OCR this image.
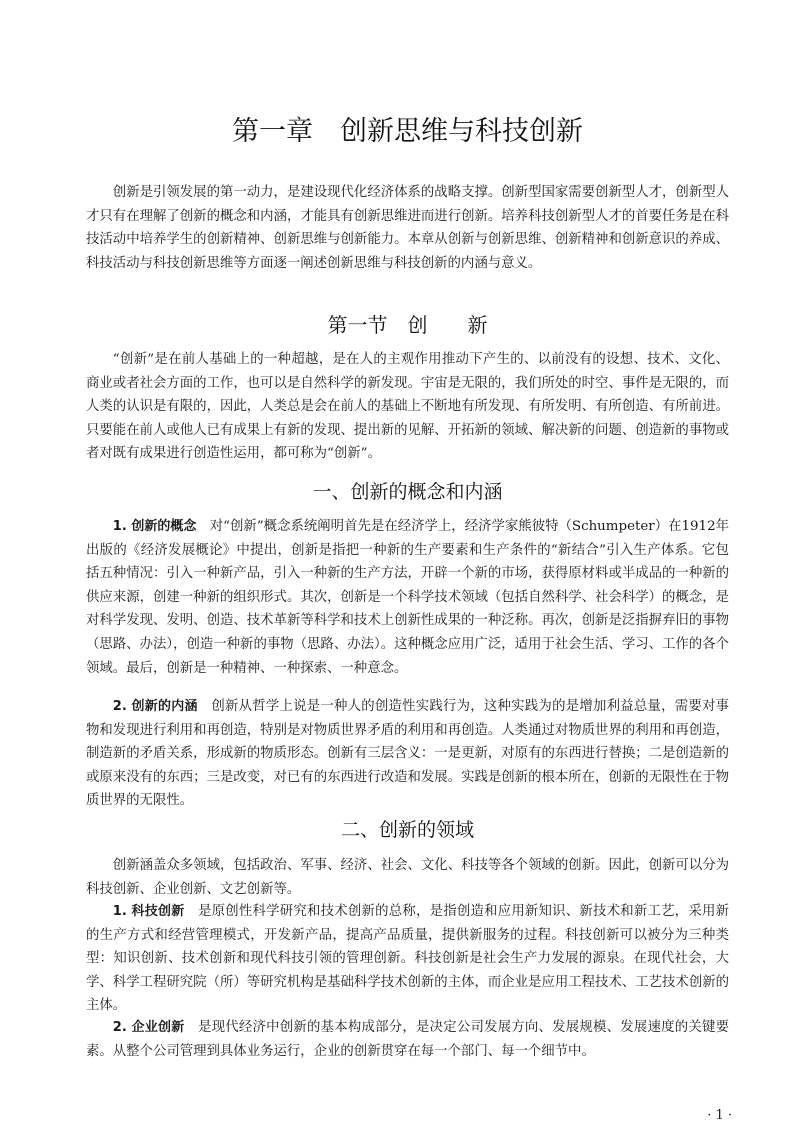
第一章　创新思维与科技创新

创新是引领发展的第一动力，是建设现代化经济体系的战略支撑。创新型国家需要创新型人才，创新型人才只有在理解了创新的概念和内涵，才能具有创新思维进而进行创新。培养科技创新型人才的首要任务是在科技活动中培养学生的创新精神、创新思维与创新能力。本章从创新与创新思维、创新精神和创新意识的养成、科技活动与科技创新思维等方面逐一阐述创新思维与科技创新的内涵与意义。

第一节　创　　新

“创新”是在前人基础上的一种超越，是在人的主观作用推动下产生的、以前没有的设想、技术、文化、商业或者社会方面的工作，也可以是自然科学的新发现。宇宙是无限的，我们所处的时空、事件是无限的，而人类的认识是有限的，因此，人类总是会在前人的基础上不断地有所发现、有所发明、有所创造、有所前进。只要能在前人或他人已有成果上有新的发现、提出新的见解、开拓新的领域、解决新的问题、创造新的事物或者对既有成果进行创造性运用，都可称为“创新”。

一、创新的概念和内涵

1. 创新的概念　对“创新”概念系统阐明首先是在经济学上，经济学家熊彼特（Schumpeter）在1912年出版的《经济发展概论》中提出，创新是指把一种新的生产要素和生产条件的“新结合”引入生产体系。它包括五种情况：引入一种新产品，引入一种新的生产方法，开辟一个新的市场，获得原材料或半成品的一种新的供应来源，创建一种新的组织形式。其次，创新是一个科学技术领域（包括自然科学、社会科学）的概念，是对科学发现、发明、创造、技术革新等科学和技术上创新性成果的一种泛称。再次，创新是泛指摒弃旧的事物（思路、办法），创造一种新的事物（思路、办法）。这种概念应用广泛，适用于社会生活、学习、工作的各个领域。最后，创新是一种精神、一种探索、一种意念。

2. 创新的内涵　创新从哲学上说是一种人的创造性实践行为，这种实践为的是增加利益总量，需要对事物和发现进行利用和再创造，特别是对物质世界矛盾的利用和再创造。人类通过对物质世界的利用和再创造，制造新的矛盾关系，形成新的物质形态。创新有三层含义：一是更新，对原有的东西进行替换；二是创造新的或原来没有的东西；三是改变，对已有的东西进行改造和发展。实践是创新的根本所在，创新的无限性在于物质世界的无限性。

二、创新的领域

创新涵盖众多领域，包括政治、军事、经济、社会、文化、科技等各个领域的创新。因此，创新可以分为科技创新、企业创新、文艺创新等。

1. 科技创新　是原创性科学研究和技术创新的总称，是指创造和应用新知识、新技术和新工艺，采用新的生产方式和经营管理模式，开发新产品，提高产品质量，提供新服务的过程。科技创新可以被分为三种类型：知识创新、技术创新和现代科技引领的管理创新。科技创新是社会生产力发展的源泉。在现代社会，大学、科学工程研究院（所）等研究机构是基础科学技术创新的主体，而企业是应用工程技术、工艺技术创新的主体。

2. 企业创新　是现代经济中创新的基本构成部分，是决定公司发展方向、发展规模、发展速度的关键要素。从整个公司管理到具体业务运行，企业的创新贯穿在每一个部门、每一个细节中。

· 1 ·
